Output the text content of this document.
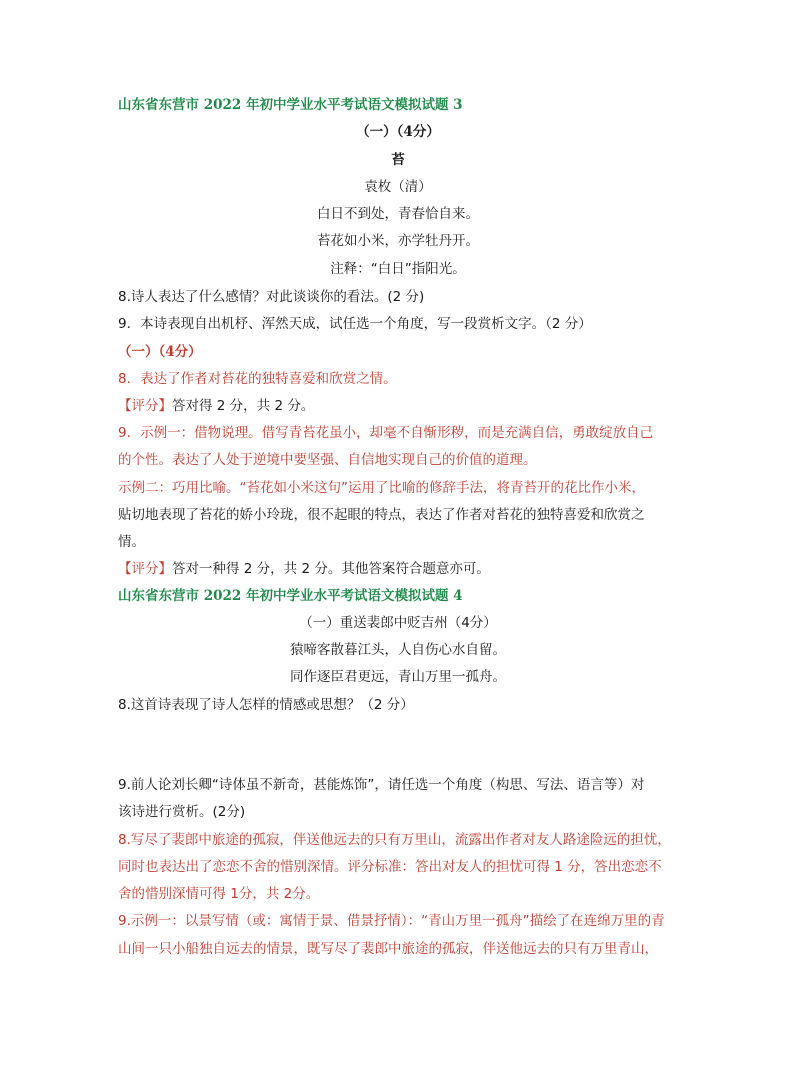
山东省东营市 2022 年初中学业水平考试语文模拟试题 3
（一）（4分）
苔
袁枚（清）
白日不到处，青春恰自来。
苔花如小米，亦学牡丹开。
注释：“白日”指阳光。
8.诗人表达了什么感情？对此谈谈你的看法。(2 分)
9．本诗表现自出机杼、浑然天成，试任选一个角度，写一段赏析文字。（2 分）
（一）（4分）
8．表达了作者对苔花的独特喜爱和欣赏之情。
【评分】答对得 2 分，共 2 分。
9．示例一：借物说理。借写青苔花虽小，却毫不自惭形秽，而是充满自信，勇敢绽放自己
的个性。表达了人处于逆境中要坚强、自信地实现自己的价值的道理。
示例二：巧用比喻。“苔花如小米这句”运用了比喻的修辞手法，将青苔开的花比作小米，
贴切地表现了苔花的娇小玲珑，很不起眼的特点，表达了作者对苔花的独特喜爱和欣赏之
情。
【评分】答对一种得 2 分，共 2 分。其他答案符合题意亦可。
山东省东营市 2022 年初中学业水平考试语文模拟试题 4
（一）重送裴郎中贬吉州（4分）
猿啼客散暮江头，人自伤心水自留。
同作逐臣君更远，青山万里一孤舟。
8.这首诗表现了诗人怎样的情感或思想？（2 分）
9.前人论刘长卿“诗体虽不新奇，甚能炼饰”，请任选一个角度（构思、写法、语言等）对
该诗进行赏析。(2分)
8.写尽了裴郎中旅途的孤寂，伴送他远去的只有万里山，流露出作者对友人路途险远的担忧，
同时也表达出了恋恋不舍的惜别深情。评分标准：答出对友人的担忧可得 1 分，答出恋恋不
舍的惜别深情可得 1分，共 2分。
9.示例一：以景写情（或：寓情于景、借景抒情）：“青山万里一孤舟”描绘了在连绵万里的青
山间一只小船独自远去的情景，既写尽了裴郎中旅途的孤寂，伴送他远去的只有万里青山，
